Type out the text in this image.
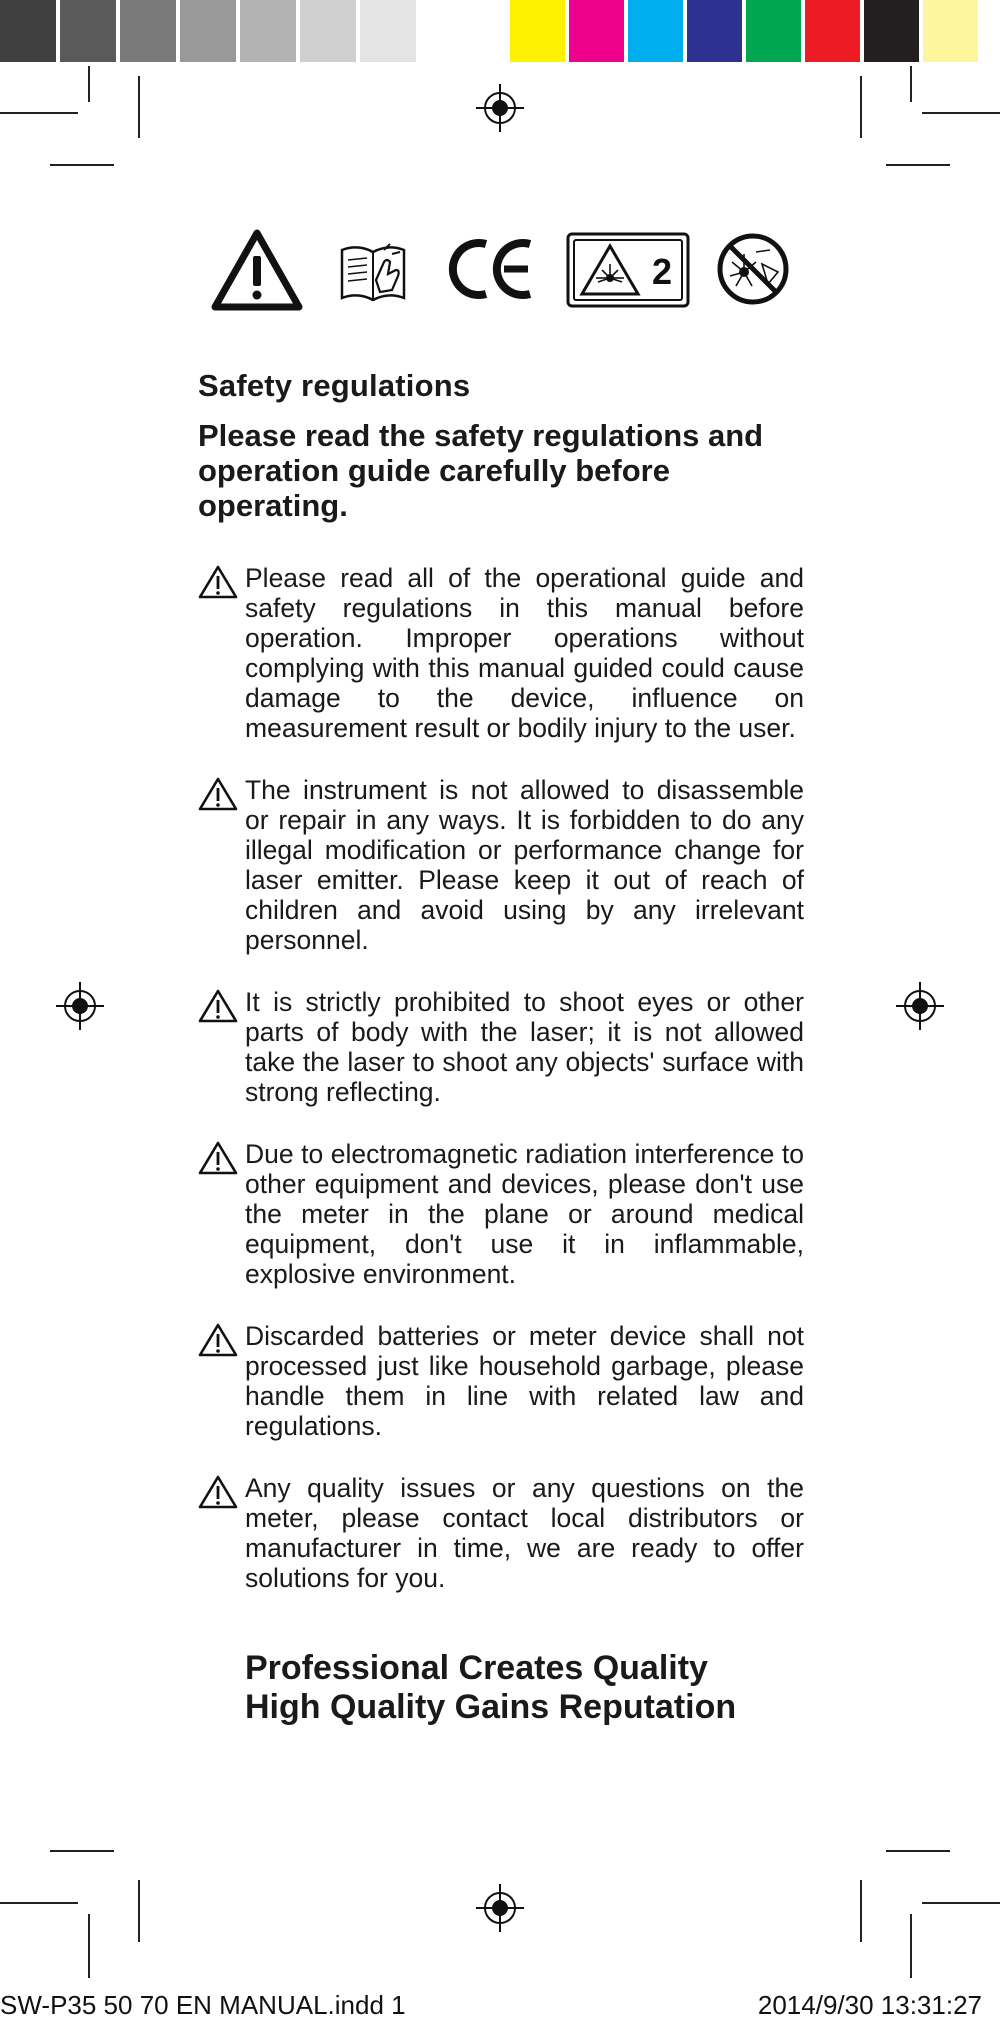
2
Safety regulations
Please read the safety regulations and operation guide carefully before operating.
Please read all of the operational guide and safety regulations in this manual before operation. Improper operations without complying with this manual guided could cause damage to the device, influence on measurement result or bodily injury to the user.
The instrument is not allowed to disassemble or repair in any ways. It is forbidden to do any illegal modification or performance change for laser emitter. Please keep it out of reach of children and avoid using by any irrelevant personnel.
It is strictly prohibited to shoot eyes or other parts of body with the laser; it is not allowed take the laser to shoot any objects' surface with strong reflecting.
Due to electromagnetic radiation interference to other equipment and devices, please don't use the meter in the plane or around medical equipment, don't use it in inflammable, explosive environment.
Discarded batteries or meter device shall not processed just like household garbage, please handle them in line with related law and regulations.
Any quality issues or any questions on the meter, please contact local distributors or manufacturer in time, we are ready to offer solutions for you.
Professional Creates Quality
High Quality Gains Reputation
SW-P35 50 70 EN MANUAL.indd 1	2014/9/30 13:31:27
